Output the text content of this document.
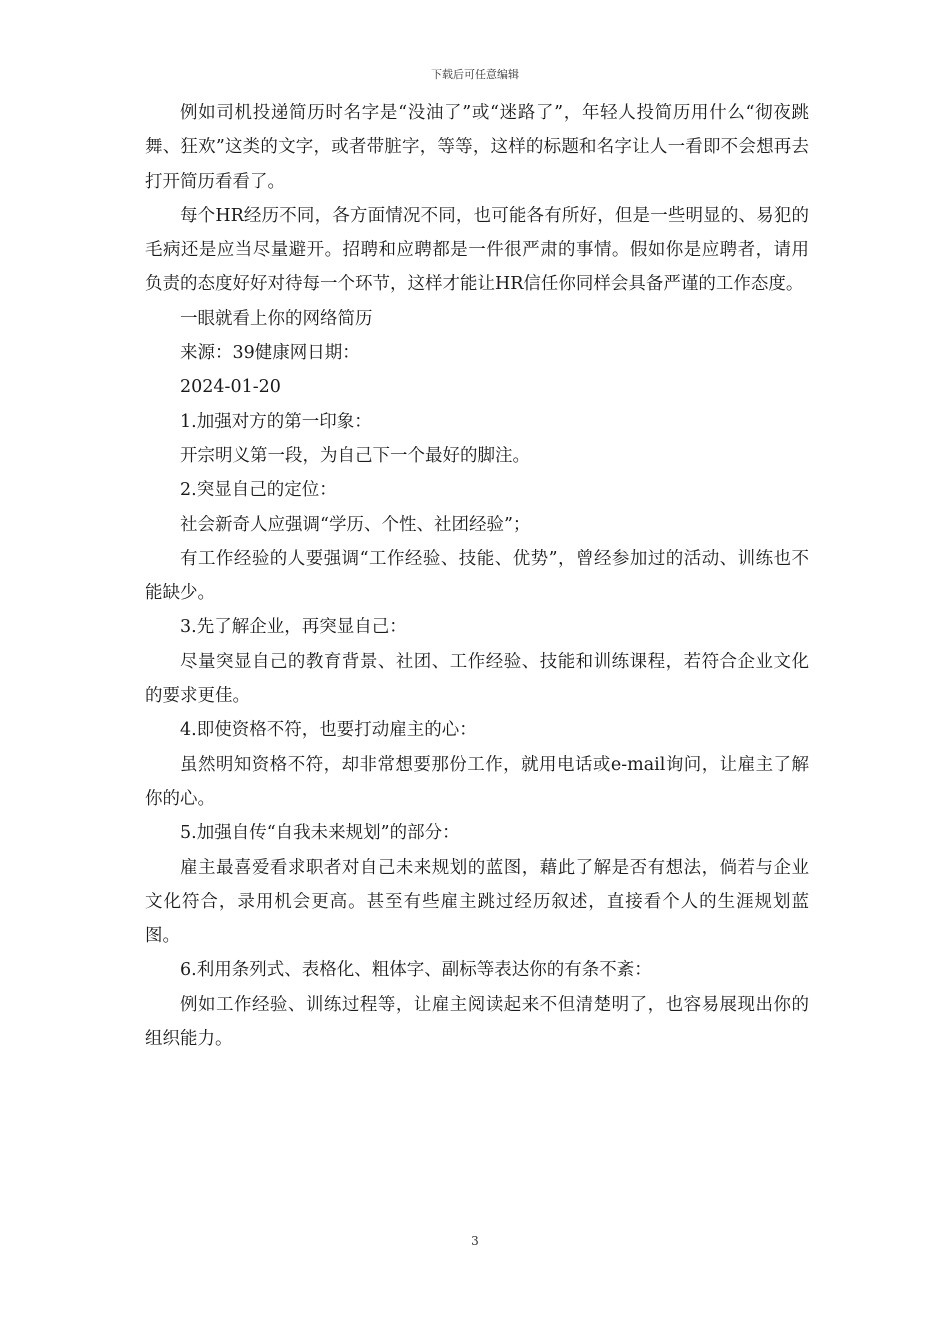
下载后可任意编辑

例如司机投递简历时名字是“没油了”或“迷路了”，年轻人投简历用什么“彻夜跳舞、狂欢”这类的文字，或者带脏字，等等，这样的标题和名字让人一看即不会想再去打开简历看看了。

每个HR经历不同，各方面情况不同，也可能各有所好，但是一些明显的、易犯的毛病还是应当尽量避开。招聘和应聘都是一件很严肃的事情。假如你是应聘者，请用负责的态度好好对待每一个环节，这样才能让HR信任你同样会具备严谨的工作态度。

一眼就看上你的网络简历

来源：39健康网日期：

2024-01-20

1.加强对方的第一印象：

开宗明义第一段，为自己下一个最好的脚注。

2.突显自己的定位：

社会新奇人应强调“学历、个性、社团经验”；

有工作经验的人要强调“工作经验、技能、优势”，曾经参加过的活动、训练也不能缺少。

3.先了解企业，再突显自己：

尽量突显自己的教育背景、社团、工作经验、技能和训练课程，若符合企业文化的要求更佳。

4.即使资格不符，也要打动雇主的心：

虽然明知资格不符，却非常想要那份工作，就用电话或e-mail询问，让雇主了解你的心。

5.加强自传“自我未来规划”的部分：

雇主最喜爱看求职者对自己未来规划的蓝图，藉此了解是否有想法，倘若与企业文化符合，录用机会更高。甚至有些雇主跳过经历叙述，直接看个人的生涯规划蓝图。

6.利用条列式、表格化、粗体字、副标等表达你的有条不紊：

例如工作经验、训练过程等，让雇主阅读起来不但清楚明了，也容易展现出你的组织能力。

3
